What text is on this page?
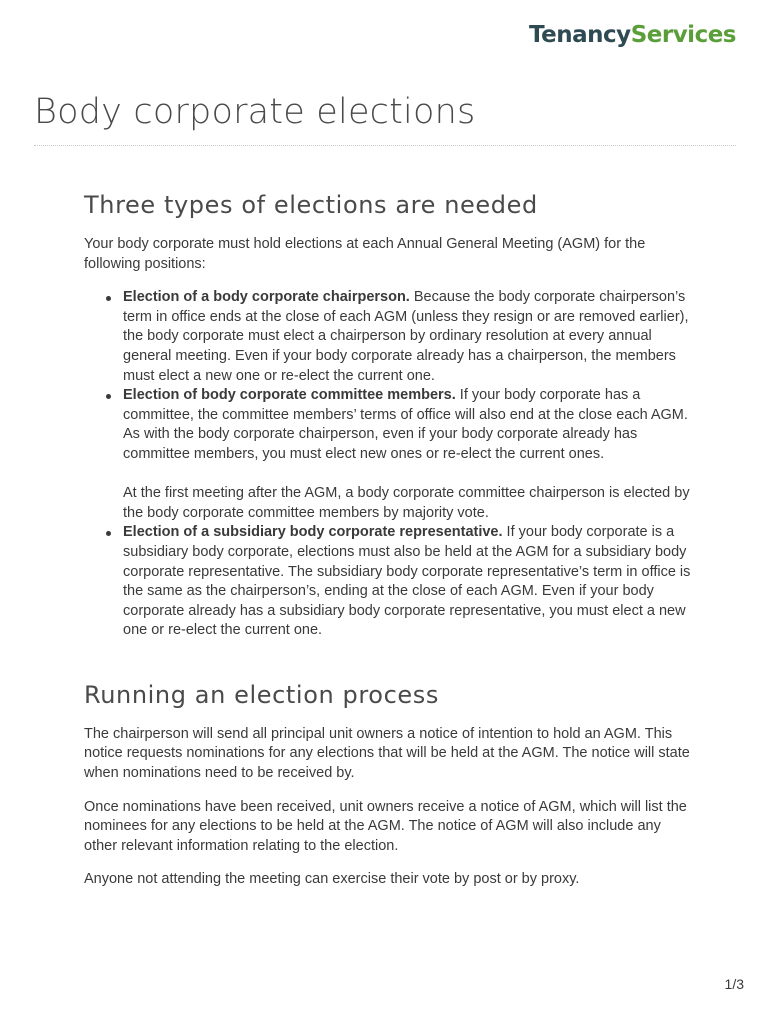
TenancyServices
Body corporate elections
Three types of elections are needed

Your body corporate must hold elections at each Annual General Meeting (AGM) for the following positions:

Election of a body corporate chairperson. Because the body corporate chairperson’s term in office ends at the close of each AGM (unless they resign or are removed earlier), the body corporate must elect a chairperson by ordinary resolution at every annual general meeting. Even if your body corporate already has a chairperson, the members must elect a new one or re-elect the current one.
Election of body corporate committee members. If your body corporate has a committee, the committee members’ terms of office will also end at the close each AGM. As with the body corporate chairperson, even if your body corporate already has committee members, you must elect new ones or re-elect the current ones.
At the first meeting after the AGM, a body corporate committee chairperson is elected by the body corporate committee members by majority vote.
Election of a subsidiary body corporate representative. If your body corporate is a subsidiary body corporate, elections must also be held at the AGM for a subsidiary body corporate representative. The subsidiary body corporate representative’s term in office is the same as the chairperson’s, ending at the close of each AGM. Even if your body corporate already has a subsidiary body corporate representative, you must elect a new one or re-elect the current one.
Running an election process

The chairperson will send all principal unit owners a notice of intention to hold an AGM. This notice requests nominations for any elections that will be held at the AGM. The notice will state when nominations need to be received by.

Once nominations have been received, unit owners receive a notice of AGM, which will list the nominees for any elections to be held at the AGM. The notice of AGM will also include any other relevant information relating to the election.

Anyone not attending the meeting can exercise their vote by post or by proxy.

1/3
